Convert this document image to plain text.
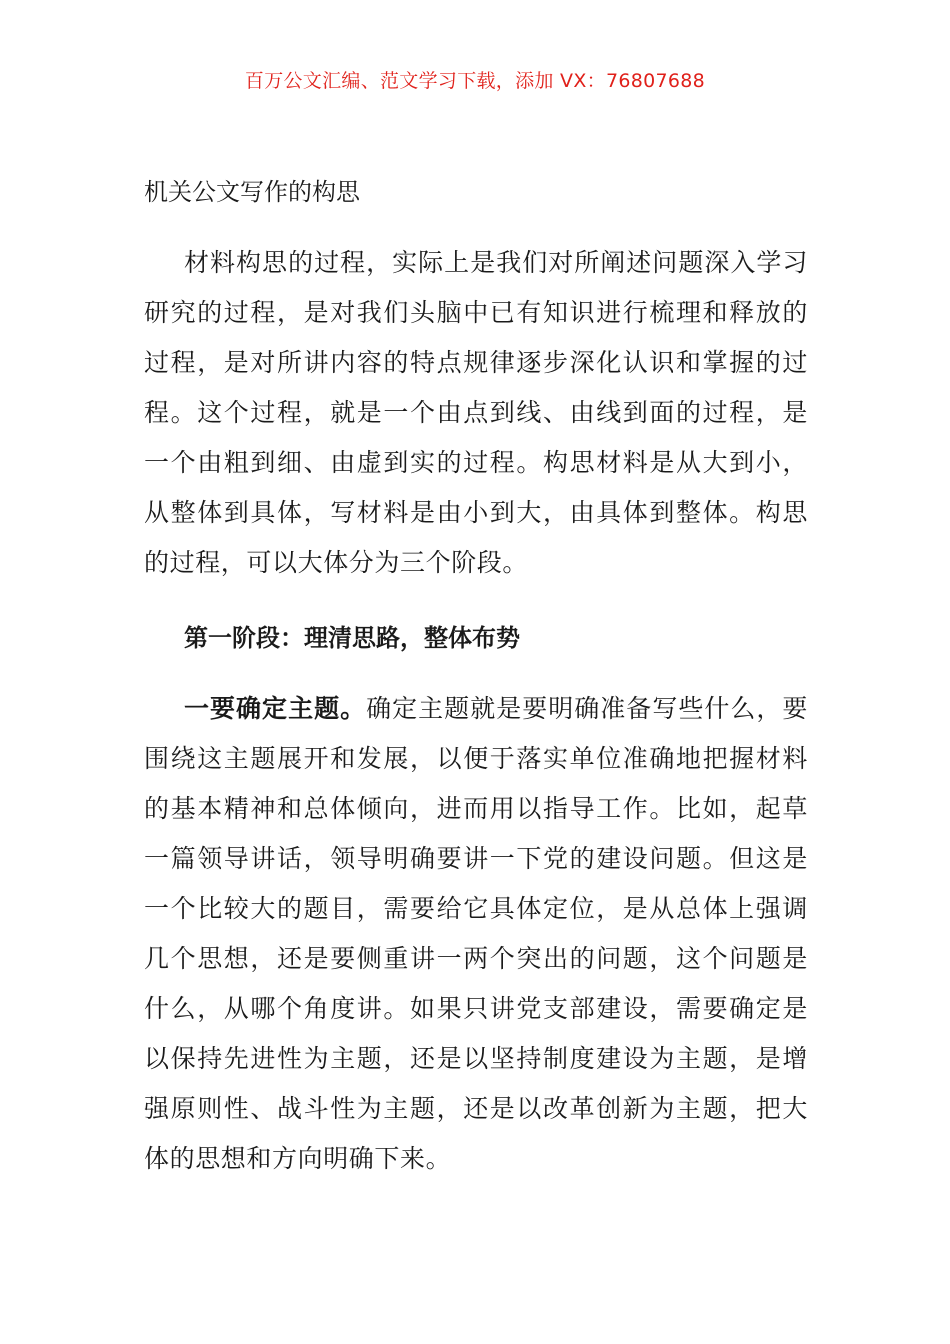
百万公文汇编、范文学习下载，添加 VX：76807688
机关公文写作的构思

材料构思的过程，实际上是我们对所阐述问题深入学习研究的过程，是对我们头脑中已有知识进行梳理和释放的过程，是对所讲内容的特点规律逐步深化认识和掌握的过程。这个过程，就是一个由点到线、由线到面的过程，是一个由粗到细、由虚到实的过程。构思材料是从大到小，从整体到具体，写材料是由小到大，由具体到整体。构思的过程，可以大体分为三个阶段。

第一阶段：理清思路，整体布势

一要确定主题。确定主题就是要明确准备写些什么，要围绕这主题展开和发展，以便于落实单位准确地把握材料的基本精神和总体倾向，进而用以指导工作。比如，起草一篇领导讲话，领导明确要讲一下党的建设问题。但这是一个比较大的题目，需要给它具体定位，是从总体上强调几个思想，还是要侧重讲一两个突出的问题，这个问题是什么，从哪个角度讲。如果只讲党支部建设，需要确定是以保持先进性为主题，还是以坚持制度建设为主题，是增强原则性、战斗性为主题，还是以改革创新为主题，把大体的思想和方向明确下来。
